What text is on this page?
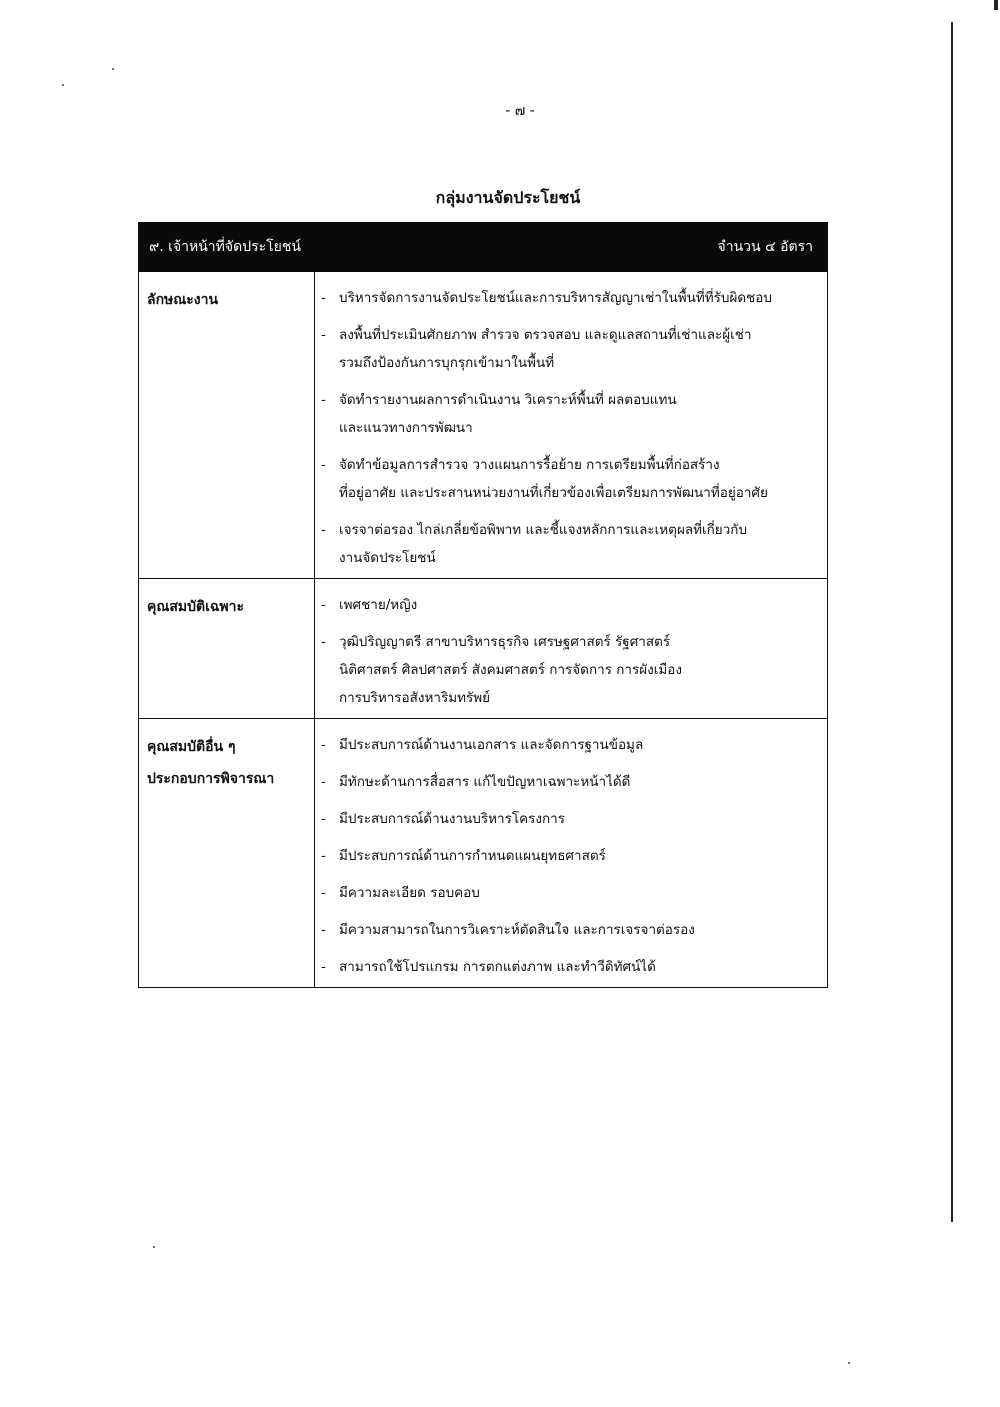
- ๗ -
กลุ่มงานจัดประโยชน์
๙. เจ้าหน้าที่จัดประโยชน์	จำนวน ๔ อัตรา
ลักษณะงาน	- บริหารจัดการงานจัดประโยชน์และการบริหารสัญญาเช่าในพื้นที่ที่รับผิดชอบ
- ลงพื้นที่ประเมินศักยภาพ สำรวจ ตรวจสอบ และดูแลสถานที่เช่าและผู้เช่า
รวมถึงป้องกันการบุกรุกเข้ามาในพื้นที่
- จัดทำรายงานผลการดำเนินงาน วิเคราะห์พื้นที่ ผลตอบแทน
และแนวทางการพัฒนา
- จัดทำข้อมูลการสำรวจ วางแผนการรื้อย้าย การเตรียมพื้นที่ก่อสร้าง
ที่อยู่อาศัย และประสานหน่วยงานที่เกี่ยวข้องเพื่อเตรียมการพัฒนาที่อยู่อาศัย
- เจรจาต่อรอง ไกล่เกลี่ยข้อพิพาท และชี้แจงหลักการและเหตุผลที่เกี่ยวกับ
งานจัดประโยชน์
คุณสมบัติเฉพาะ	- เพศชาย/หญิง
- วุฒิปริญญาตรี สาขาบริหารธุรกิจ เศรษฐศาสตร์ รัฐศาสตร์
นิติศาสตร์ ศิลปศาสตร์ สังคมศาสตร์ การจัดการ การผังเมือง
การบริหารอสังหาริมทรัพย์
คุณสมบัติอื่น ๆ
ประกอบการพิจารณา
- มีประสบการณ์ด้านงานเอกสาร และจัดการฐานข้อมูล
- มีทักษะด้านการสื่อสาร แก้ไขปัญหาเฉพาะหน้าได้ดี
- มีประสบการณ์ด้านงานบริหารโครงการ
- มีประสบการณ์ด้านการกำหนดแผนยุทธศาสตร์
- มีความละเอียด รอบคอบ
- มีความสามารถในการวิเคราะห์ตัดสินใจ และการเจรจาต่อรอง
- สามารถใช้โปรแกรม การตกแต่งภาพ และทำวีดิทัศน์ได้
